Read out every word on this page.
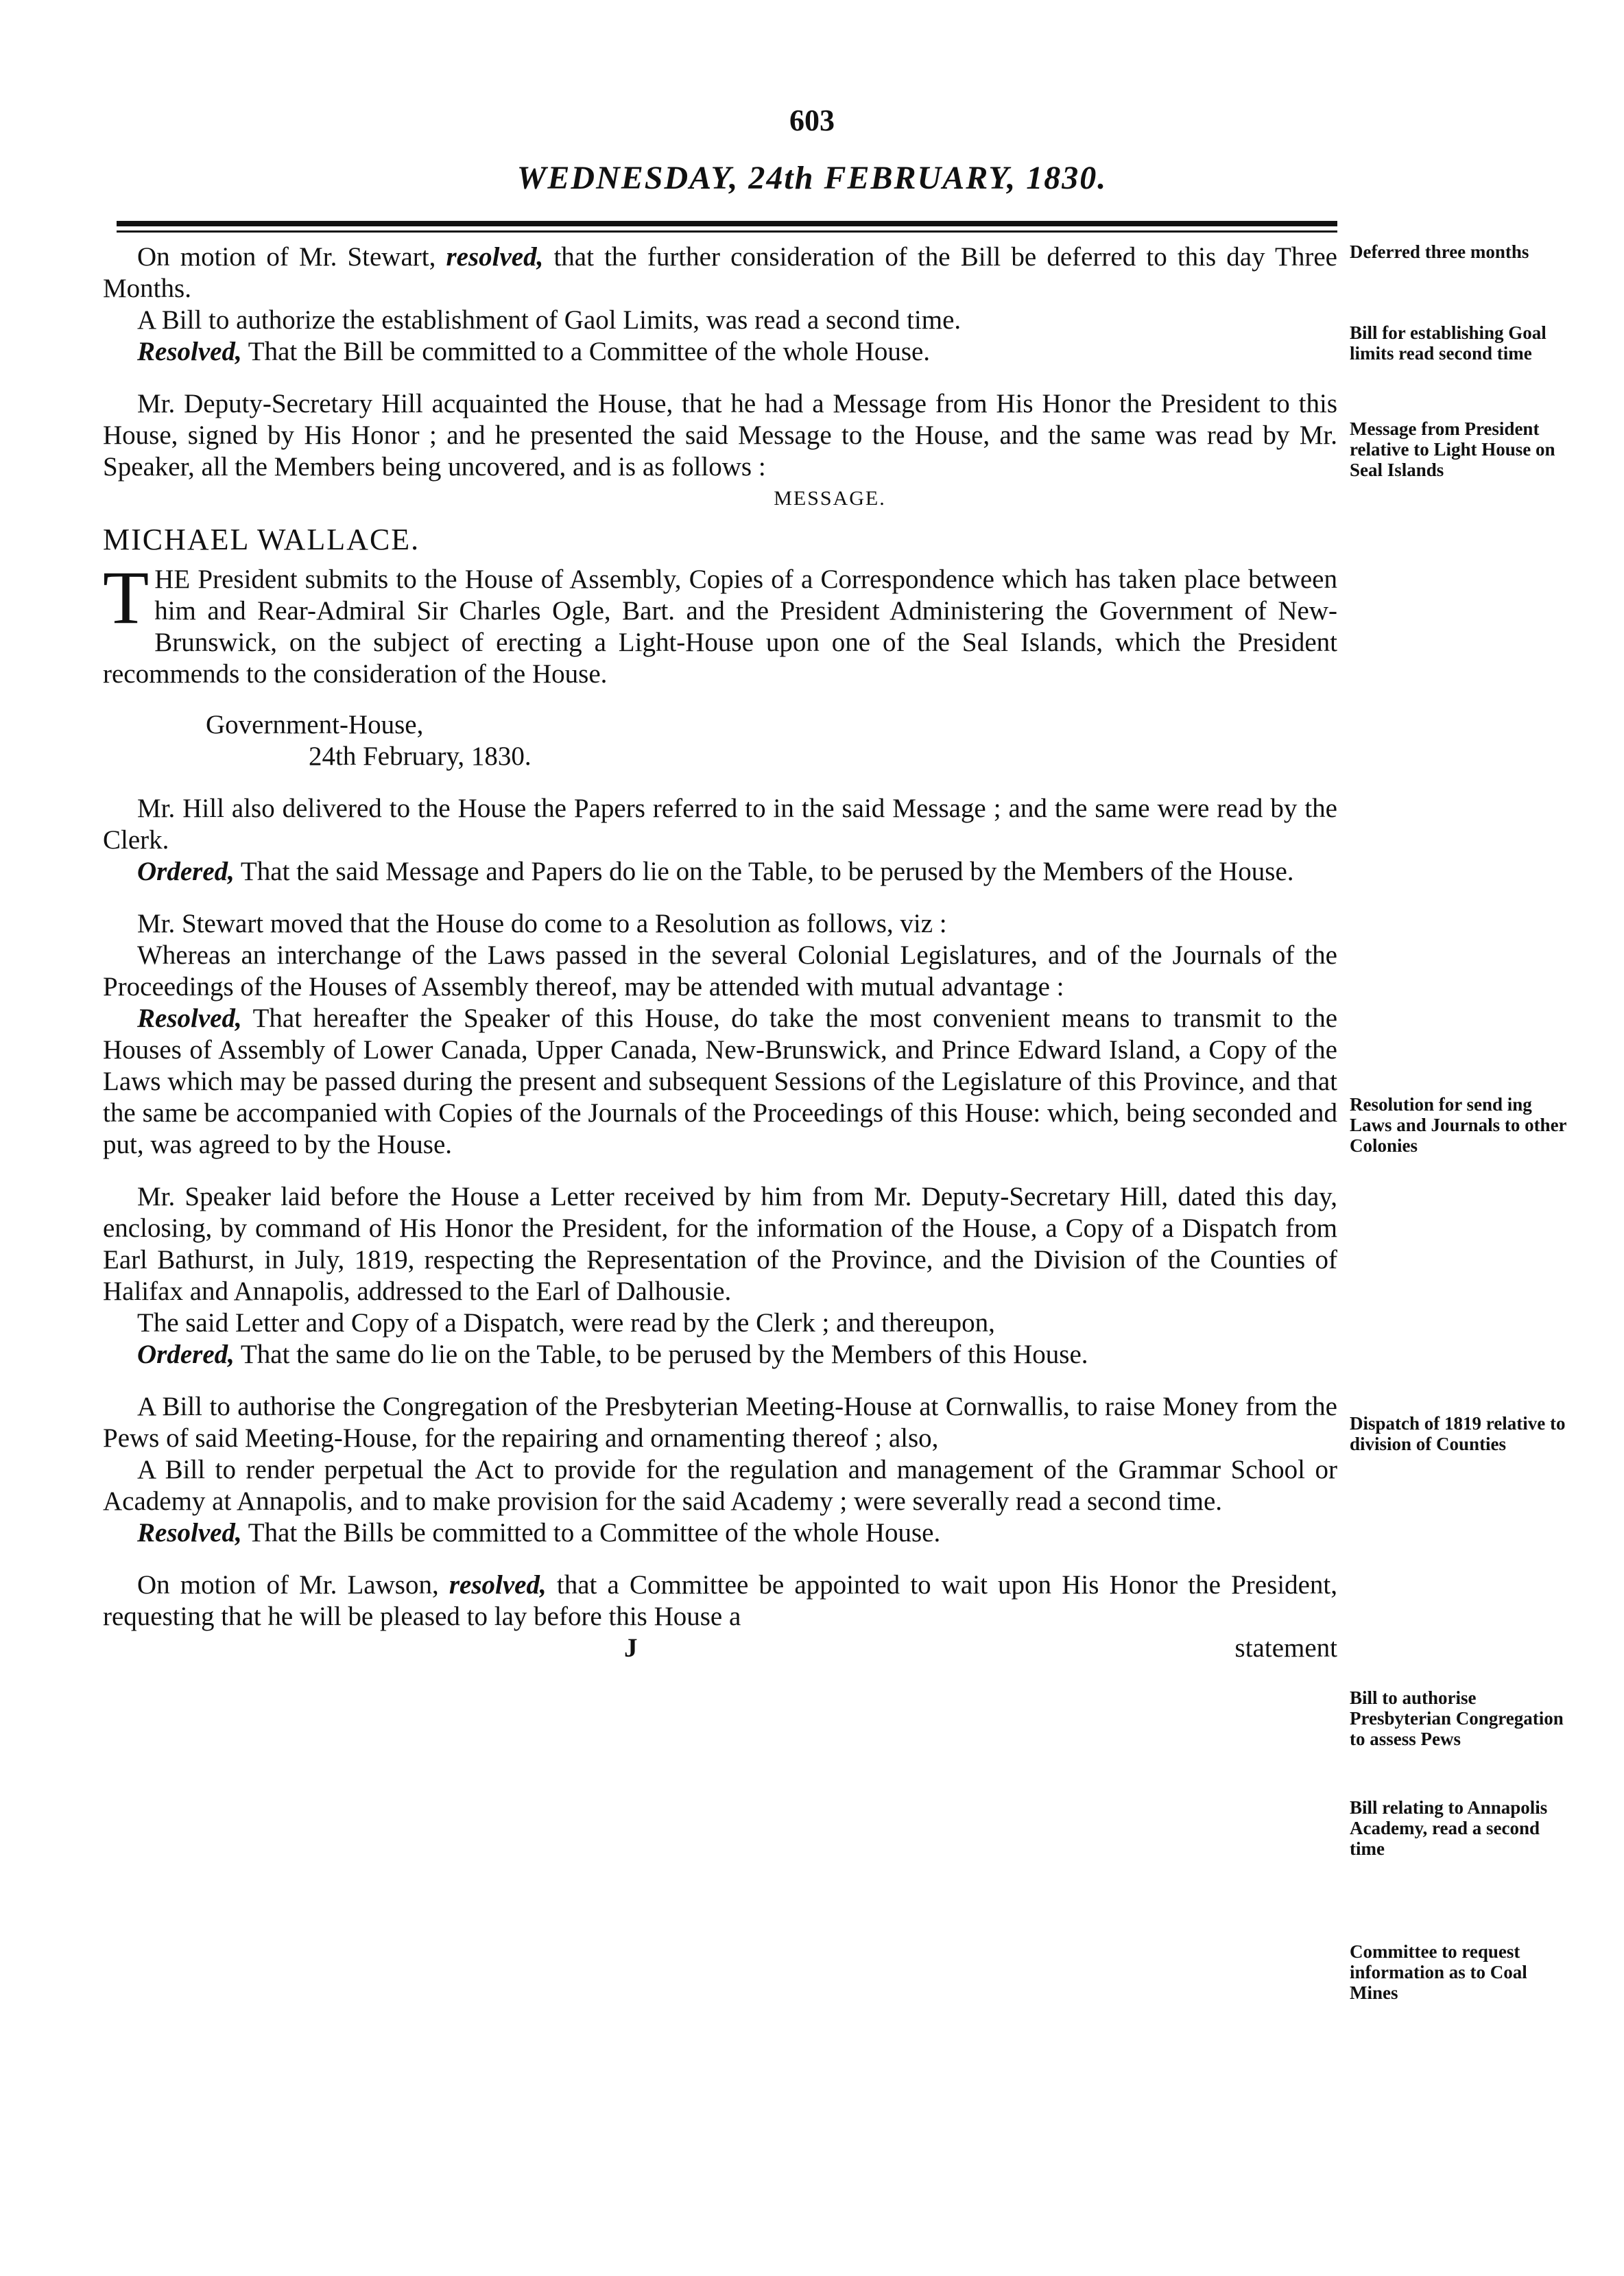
603
WEDNESDAY, 24th FEBRUARY, 1830.

On motion of Mr. Stewart, resolved, that the further consideration of the Bill be deferred to this day Three Months.

A Bill to authorize the establishment of Gaol Limits, was read a second time.

Resolved, That the Bill be committed to a Committee of the whole House.

Mr. Deputy-Secretary Hill acquainted the House, that he had a Message from His Honor the President to this House, signed by His Honor ; and he presented the said Message to the House, and the same was read by Mr. Speaker, all the Members being uncovered, and is as follows :

MESSAGE.

MICHAEL WALLACE.

THE President submits to the House of Assembly, Copies of a Correspondence which has taken place between him and Rear-Admiral Sir Charles Ogle, Bart. and the President Administering the Government of New-Brunswick, on the subject of erecting a Light-House upon one of the Seal Islands, which the President recommends to the consideration of the House.

Government-House,
24th February, 1830.

Mr. Hill also delivered to the House the Papers referred to in the said Message ; and the same were read by the Clerk.

Ordered, That the said Message and Papers do lie on the Table, to be perused by the Members of the House.

Mr. Stewart moved that the House do come to a Resolution as follows, viz :

Whereas an interchange of the Laws passed in the several Colonial Legislatures, and of the Journals of the Proceedings of the Houses of Assembly thereof, may be attended with mutual advantage :

Resolved, That hereafter the Speaker of this House, do take the most convenient means to transmit to the Houses of Assembly of Lower Canada, Upper Canada, New-Brunswick, and Prince Edward Island, a Copy of the Laws which may be passed during the present and subsequent Sessions of the Legislature of this Province, and that the same be accompanied with Copies of the Journals of the Proceedings of this House: which, being seconded and put, was agreed to by the House.

Mr. Speaker laid before the House a Letter received by him from Mr. Deputy-Secretary Hill, dated this day, enclosing, by command of His Honor the President, for the information of the House, a Copy of a Dispatch from Earl Bathurst, in July, 1819, respecting the Representation of the Province, and the Division of the Counties of Halifax and Annapolis, addressed to the Earl of Dalhousie.

The said Letter and Copy of a Dispatch, were read by the Clerk ; and thereupon,

Ordered, That the same do lie on the Table, to be perused by the Members of this House.

A Bill to authorise the Congregation of the Presbyterian Meeting-House at Cornwallis, to raise Money from the Pews of said Meeting-House, for the repairing and ornamenting thereof ; also,

A Bill to render perpetual the Act to provide for the regulation and management of the Grammar School or Academy at Annapolis, and to make provision for the said Academy ; were severally read a second time.

Resolved, That the Bills be committed to a Committee of the whole House.

On motion of Mr. Lawson, resolved, that a Committee be appointed to wait upon His Honor the President, requesting that he will be pleased to lay before this House a

J	statement

Deferred three months
Bill for establishing Goal limits read second time
Message from President relative to Light House on Seal Islands
Resolution for send ing Laws and Journals to other Colonies
Dispatch of 1819 relative to division of Counties
Bill to authorise Presbyterian Congregation to assess Pews
Bill relating to Annapolis Academy, read a second time
Committee to request information as to Coal Mines
